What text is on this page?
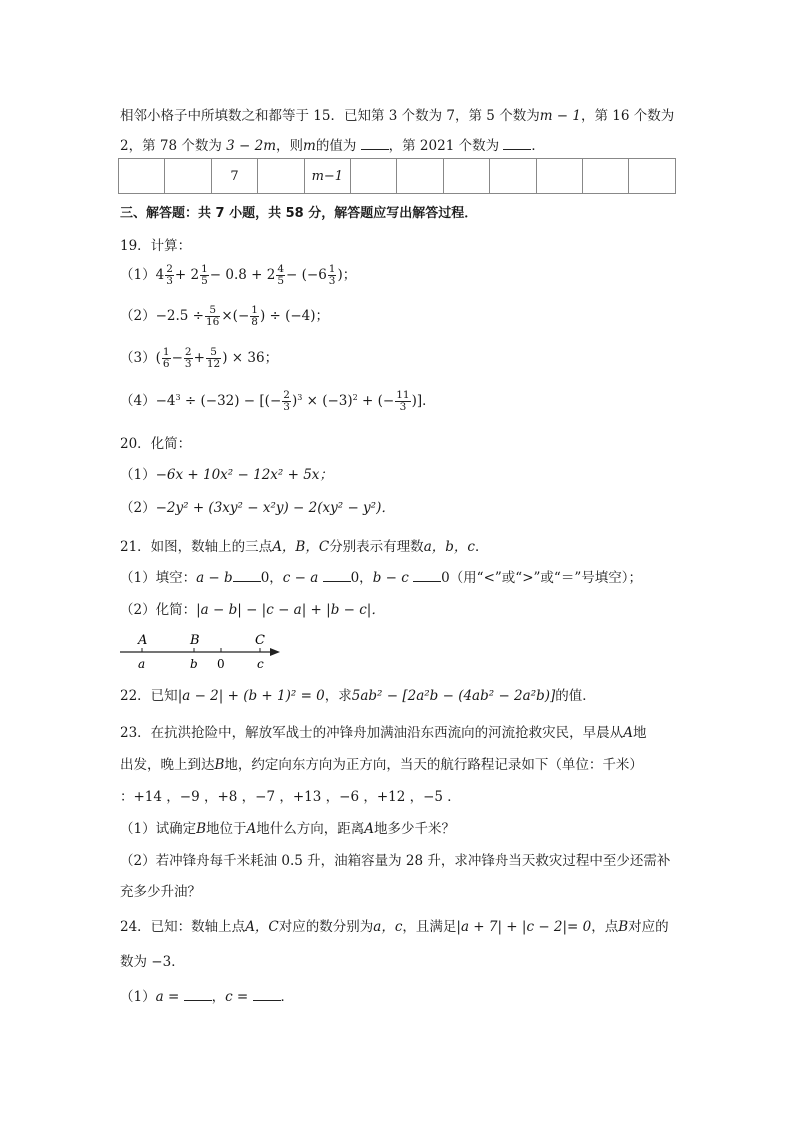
相邻小格子中所填数之和都等于 15．已知第 3 个数为 7，第 5 个数为m − 1，第 16 个数为
2，第 78 个数为 3 − 2m，则m的值为 ，第 2021 个数为 ．
		7		m−1							
三、解答题：共 7 小题，共 58 分，解答题应写出解答过程．
19．计算：
$(1)4 \frac{2}{3} + 2 \frac{1}{5} - 0.8 + 2 \frac{4}{5} - (-6 \frac{1}{3}$ )；
$(2)-2.5 \div \frac{5}{16}$ ×(− $\frac{1}{8}$ ) ÷ (−4)；
$(3)( \frac{1}{6} - \frac{2}{3} + \frac{5}{12}$ ) × 36；
$(4)-4^3 \div (-32)$ − [(− $\frac{2}{3} )^3 \times (-3)^2$ + (− $\frac{11}{3}$ )]．
20．化简：
（1）−6x + 10x² − 12x² + 5x；
（2）−2y² + (3xy² − x²y) − 2(xy² − y²)．
21．如图，数轴上的三点A，B，C分别表示有理数a，b，c．
（1）填空：a − b 0，c − a 0，b − c 0（用“<”或“>”或“＝”号填空）；
（2）化简：|a − b| − |c − a| + |b − c|．
A	B	C
a	b 0	c
22．已知|a − 2| + (b + 1)² = 0，求5ab² − [2a²b − (4ab² − 2a²b)]的值．
23．在抗洪抢险中，解放军战士的冲锋舟加满油沿东西流向的河流抢救灾民，早晨从A地
出发，晚上到达B地，约定向东方向为正方向，当天的航行路程记录如下（单位：千米）
：+14 ，−9 ，+8 ，−7 ，+13 ，−6 ，+12 ，−5 ．
（1）试确定B地位于A地什么方向，距离A地多少千米？
（2）若冲锋舟每千米耗油 0.5 升，油箱容量为 28 升，求冲锋舟当天救灾过程中至少还需补
充多少升油？
24．已知：数轴上点A，C对应的数分别为a，c，且满足|a + 7| + |c − 2|= 0，点B对应的
数为 −3．
（1）a = ，c = ．
